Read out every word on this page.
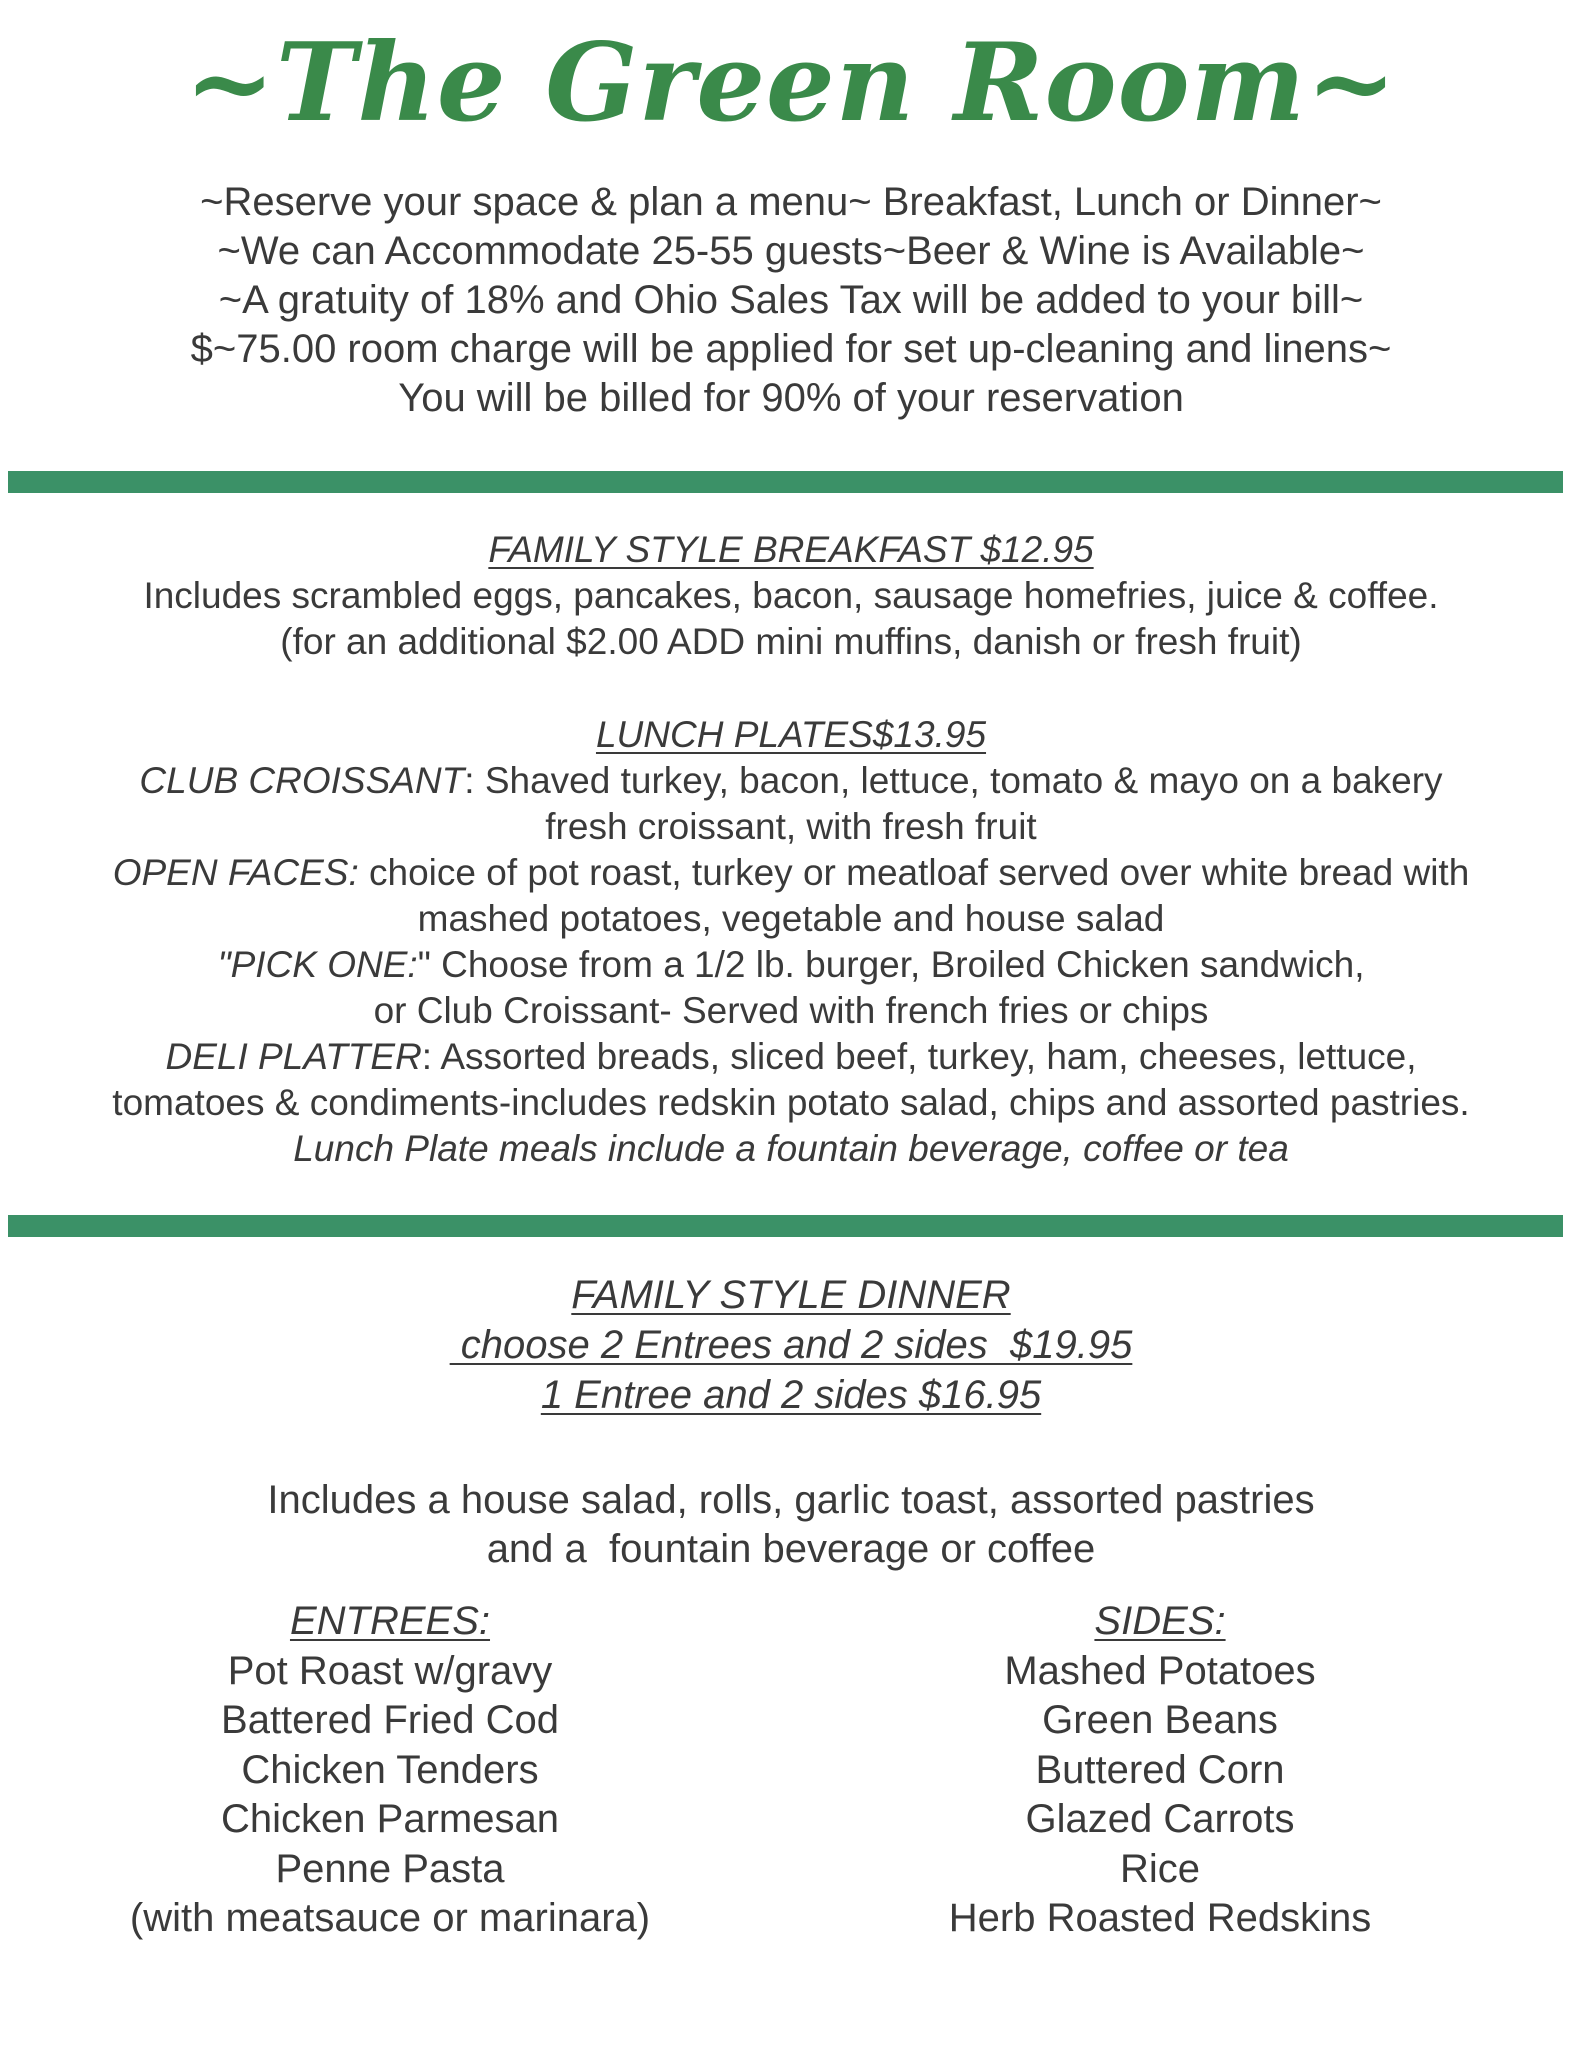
~The Green Room~
~Reserve your space & plan a menu~ Breakfast, Lunch or Dinner~
~We can Accommodate 25-55 guests~Beer & Wine is Available~
~A gratuity of 18% and Ohio Sales Tax will be added to your bill~
$~75.00 room charge will be applied for set up-cleaning and linens~
You will be billed for 90% of your reservation
FAMILY STYLE BREAKFAST $12.95
Includes scrambled eggs, pancakes, bacon, sausage homefries, juice & coffee.
(for an additional $2.00 ADD mini muffins, danish or fresh fruit)
LUNCH PLATES$13.95
CLUB CROISSANT: Shaved turkey, bacon, lettuce, tomato & mayo on a bakery
fresh croissant, with fresh fruit
OPEN FACES: choice of pot roast, turkey or meatloaf served over white bread with
mashed potatoes, vegetable and house salad
"PICK ONE:" Choose from a 1/2 lb. burger, Broiled Chicken sandwich,
or Club Croissant- Served with french fries or chips
DELI PLATTER: Assorted breads, sliced beef, turkey, ham, cheeses, lettuce,
tomatoes & condiments-includes redskin potato salad, chips and assorted pastries.
Lunch Plate meals include a fountain beverage, coffee or tea
FAMILY STYLE DINNER
choose 2 Entrees and 2 sides  $19.95
1 Entree and 2 sides $16.95
Includes a house salad, rolls, garlic toast, assorted pastries
and a  fountain beverage or coffee
ENTREES:
Pot Roast w/gravy
Battered Fried Cod
Chicken Tenders
Chicken Parmesan
Penne Pasta
(with meatsauce or marinara)
SIDES:
Mashed Potatoes
Green Beans
Buttered Corn
Glazed Carrots
Rice
Herb Roasted Redskins
